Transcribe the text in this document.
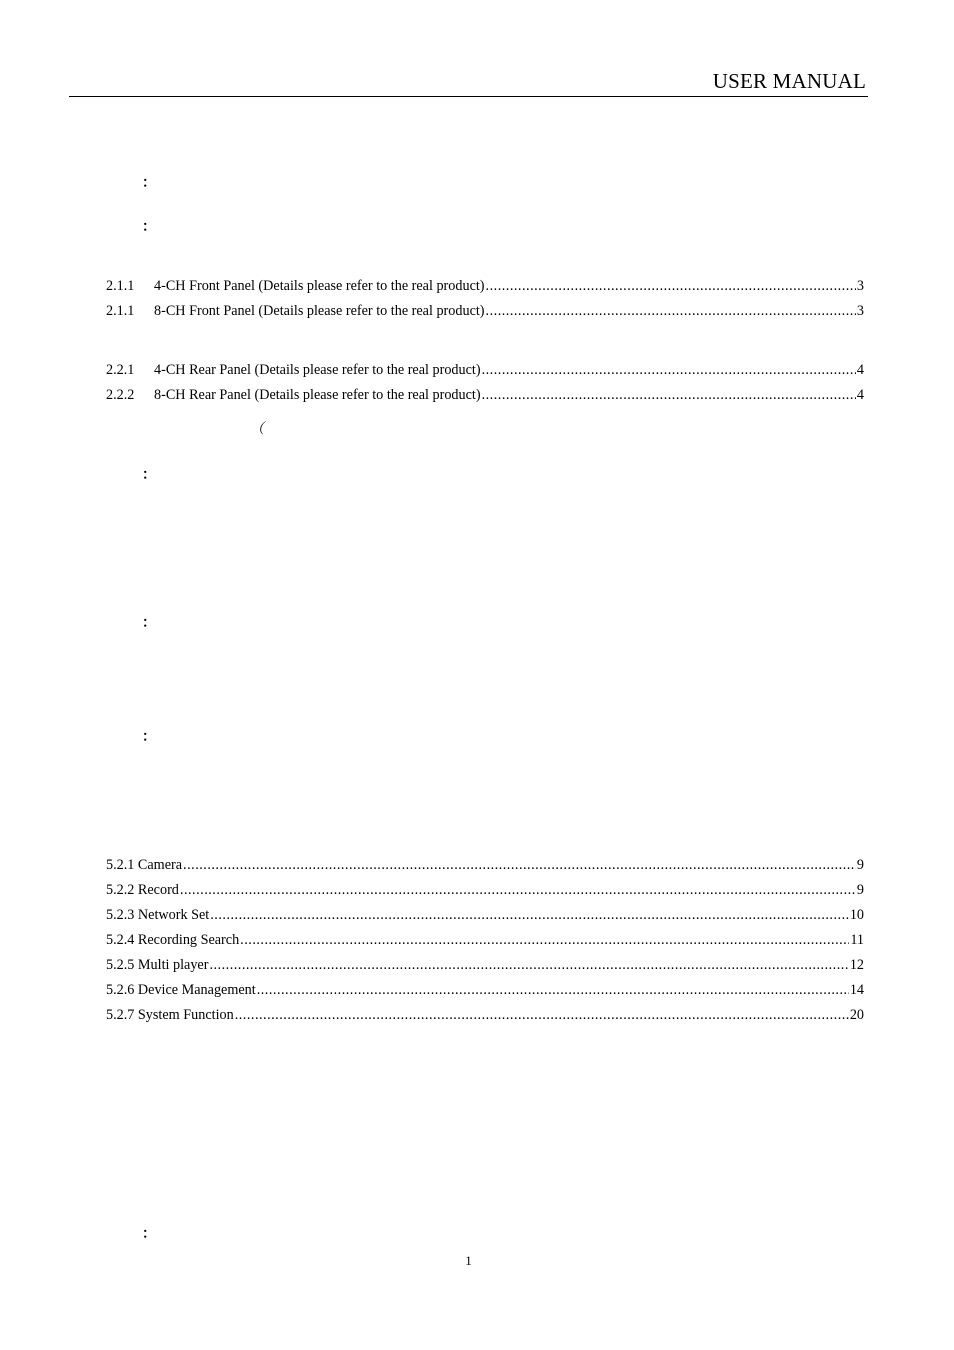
USER MANUAL
：
：
2.1.1	4-CH Front Panel (Details please refer to the real product) .....	3
2.1.1	8-CH Front Panel (Details please refer to the real product) .....	3
2.2.1	4-CH Rear Panel (Details please refer to the real product) .....	4
2.2.2	8-CH Rear Panel (Details please refer to the real product) .....	4
（
：
：
：
5.2.1 Camera .....	9
5.2.2 Record .....	9
5.2.3 Network Set .....	10
5.2.4 Recording Search .....	11
5.2.5 Multi player .....	12
5.2.6 Device Management .....	14
5.2.7 System Function .....	20
：
1
